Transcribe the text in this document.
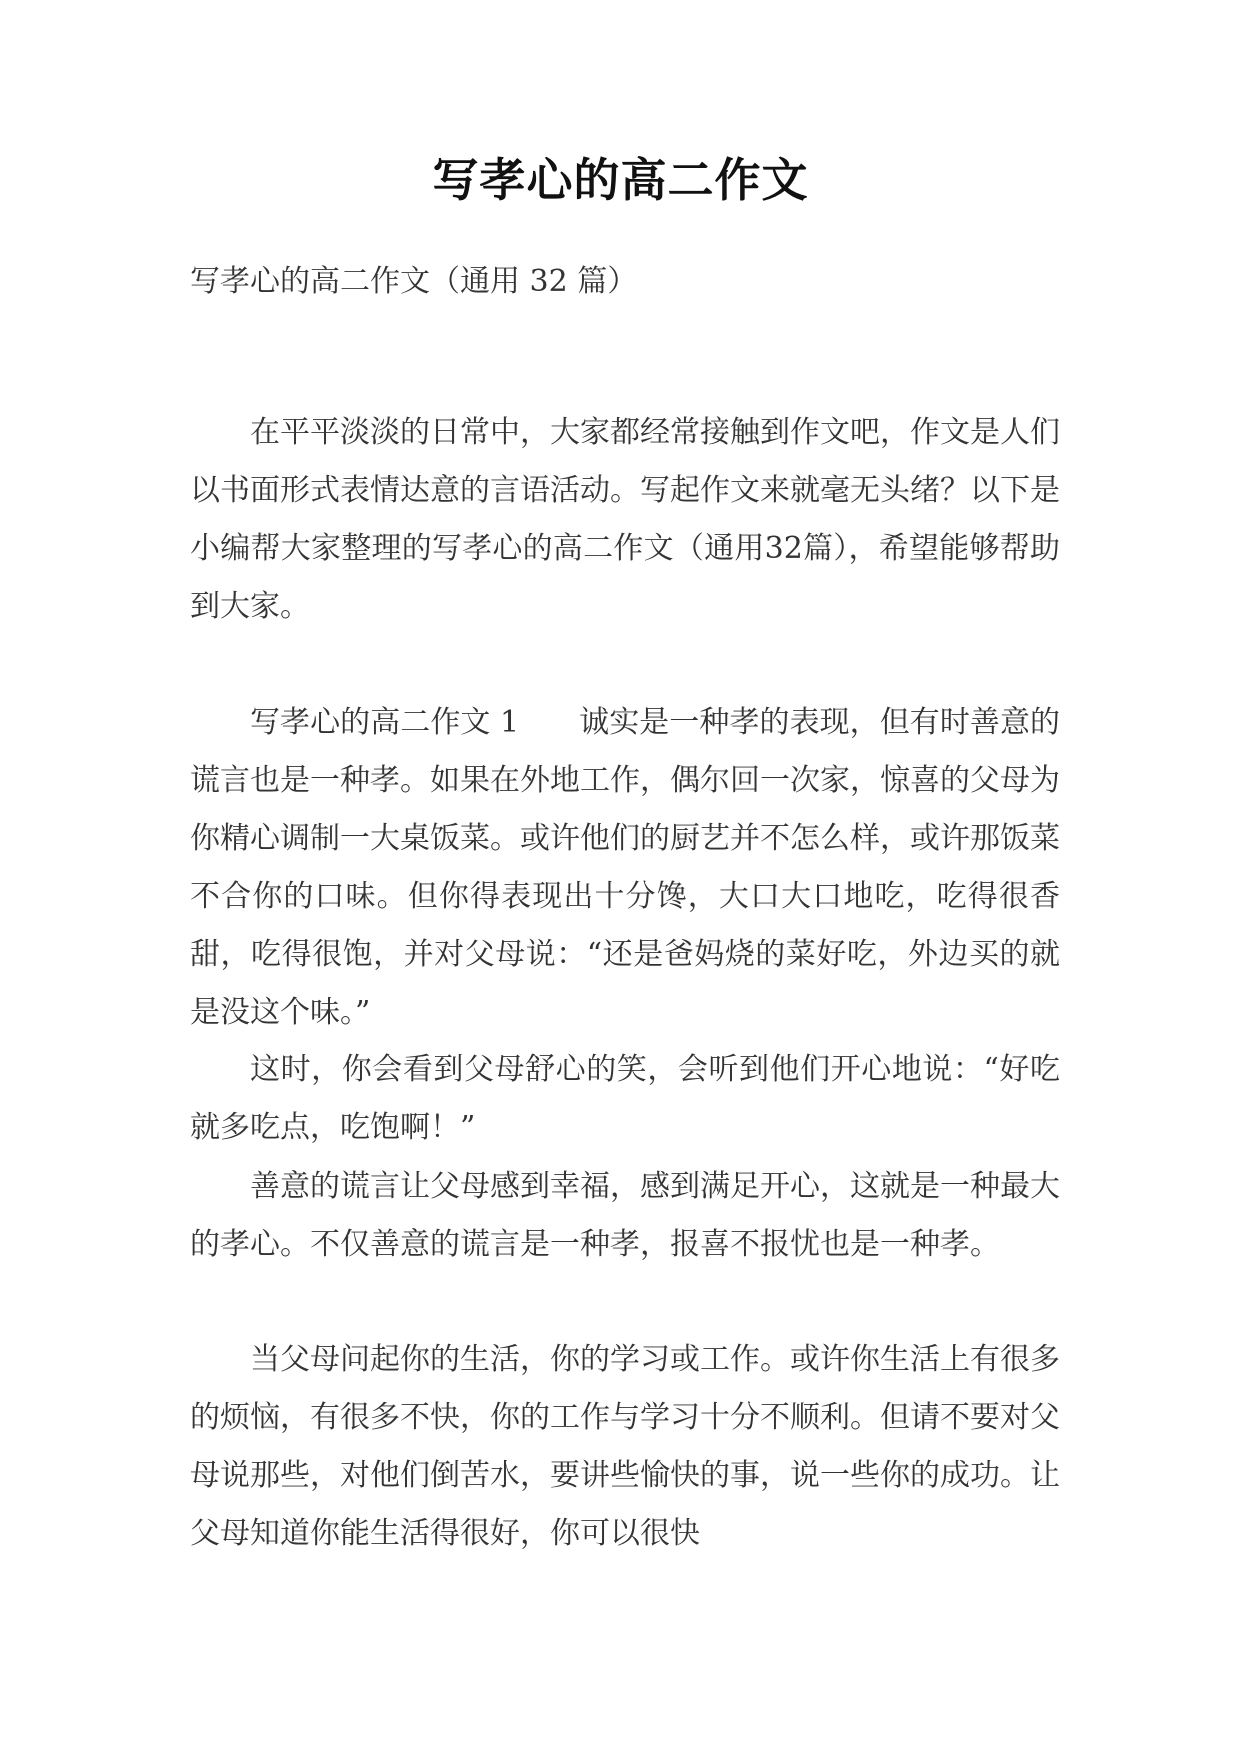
写孝心的高二作文
写孝心的高二作文（通用 32 篇）

在平平淡淡的日常中，大家都经常接触到作文吧，作文是人们以书面形式表情达意的言语活动。写起作文来就毫无头绪？以下是小编帮大家整理的写孝心的高二作文（通用32篇），希望能够帮助到大家。

写孝心的高二作文 1 诚实是一种孝的表现，但有时善意的谎言也是一种孝。如果在外地工作，偶尔回一次家，惊喜的父母为你精心调制一大桌饭菜。或许他们的厨艺并不怎么样，或许那饭菜不合你的口味。但你得表现出十分馋，大口大口地吃，吃得很香甜，吃得很饱，并对父母说：“还是爸妈烧的菜好吃，外边买的就是没这个味。”

这时，你会看到父母舒心的笑，会听到他们开心地说：“好吃就多吃点，吃饱啊！”

善意的谎言让父母感到幸福，感到满足开心，这就是一种最大的孝心。不仅善意的谎言是一种孝，报喜不报忧也是一种孝。

当父母问起你的生活，你的学习或工作。或许你生活上有很多的烦恼，有很多不快，你的工作与学习十分不顺利。但请不要对父母说那些，对他们倒苦水，要讲些愉快的事，说一些你的成功。让父母知道你能生活得很好，你可以很快
